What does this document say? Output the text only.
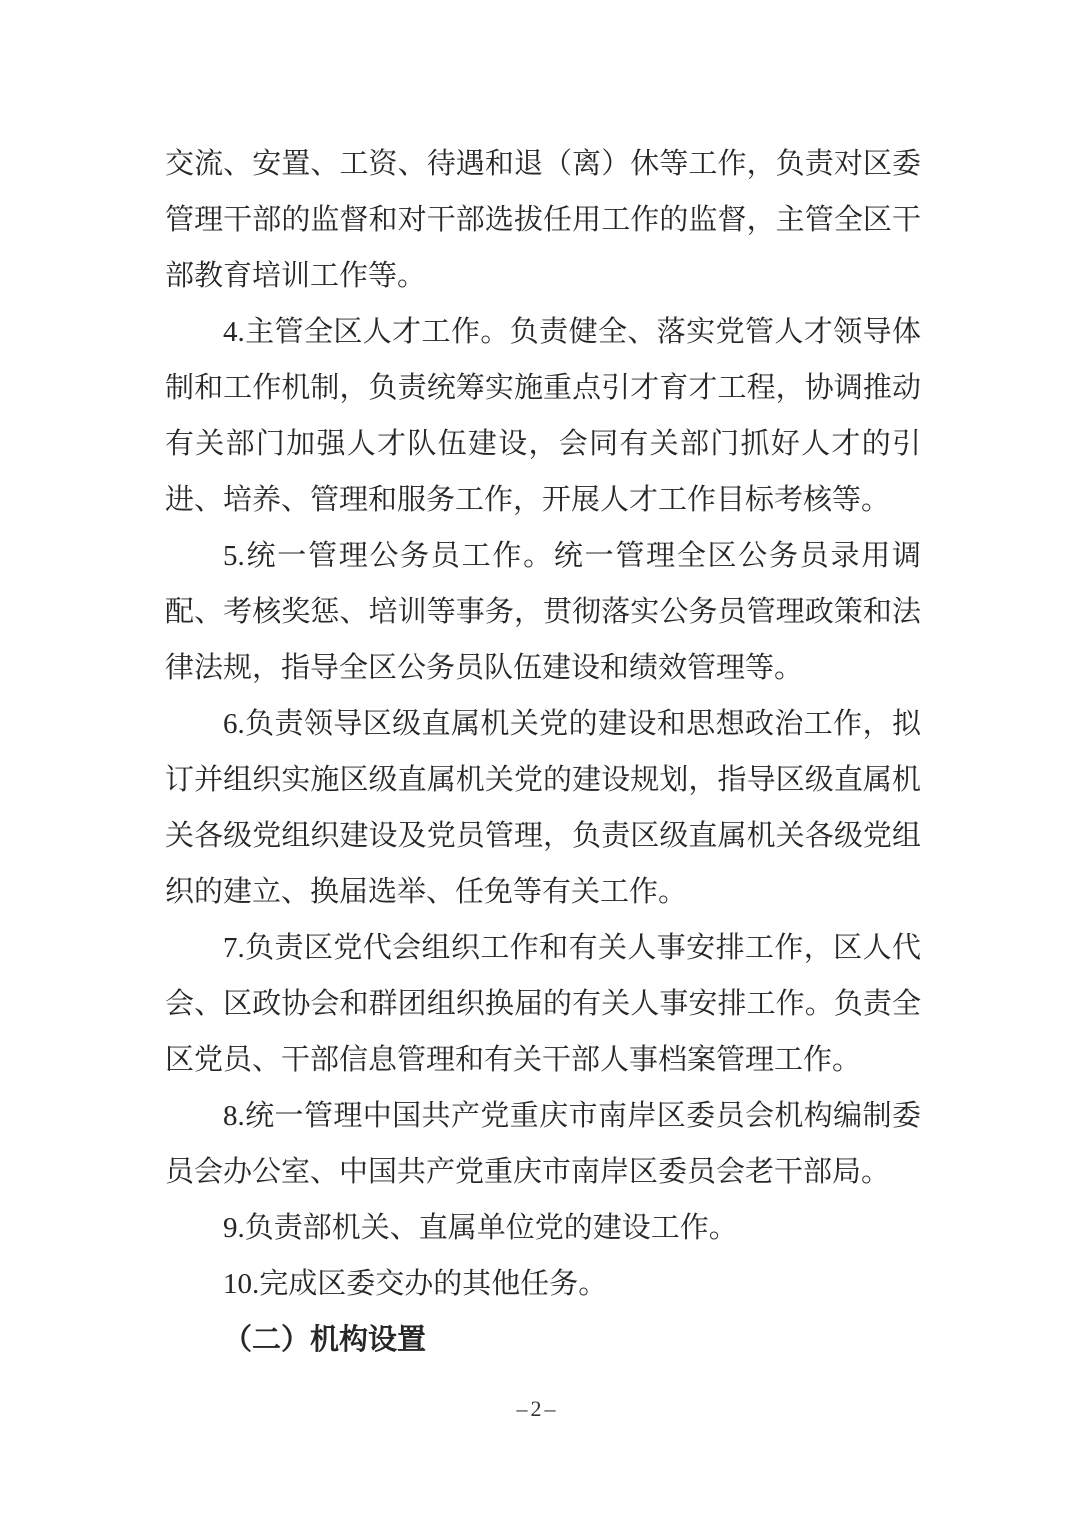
交流、安置、工资、待遇和退（离）休等工作，负责对区委管理干部的监督和对干部选拔任用工作的监督，主管全区干部教育培训工作等。

4.主管全区人才工作。负责健全、落实党管人才领导体制和工作机制，负责统筹实施重点引才育才工程，协调推动有关部门加强人才队伍建设，会同有关部门抓好人才的引进、培养、管理和服务工作，开展人才工作目标考核等。

5.统一管理公务员工作。统一管理全区公务员录用调配、考核奖惩、培训等事务，贯彻落实公务员管理政策和法律法规，指导全区公务员队伍建设和绩效管理等。

6.负责领导区级直属机关党的建设和思想政治工作，拟订并组织实施区级直属机关党的建设规划，指导区级直属机关各级党组织建设及党员管理，负责区级直属机关各级党组织的建立、换届选举、任免等有关工作。

7.负责区党代会组织工作和有关人事安排工作，区人代会、区政协会和群团组织换届的有关人事安排工作。负责全区党员、干部信息管理和有关干部人事档案管理工作。

8.统一管理中国共产党重庆市南岸区委员会机构编制委员会办公室、中国共产党重庆市南岸区委员会老干部局。

9.负责部机关、直属单位党的建设工作。

10.完成区委交办的其他任务。

（二）机构设置

–2–
